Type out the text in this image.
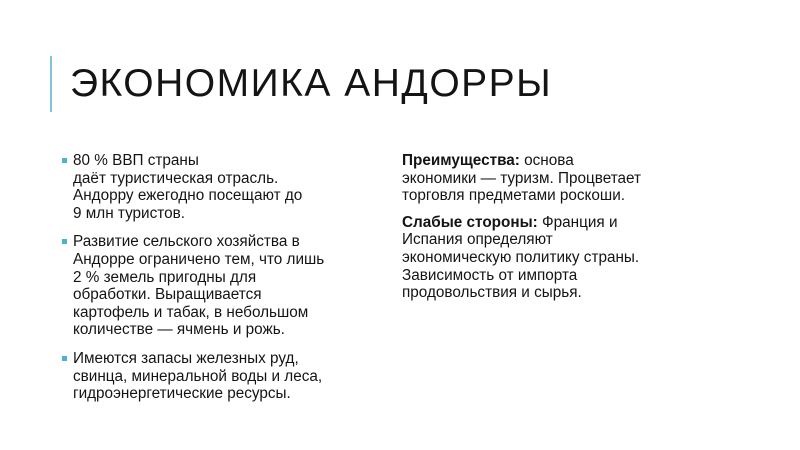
ЭКОНОМИКА АНДОРРЫ
80 % ВВП страны
даёт туристическая отрасль.
Андорру ежегодно посещают до
9 млн туристов.
Развитие сельского хозяйства в
Андорре ограничено тем, что лишь
2 % земель пригодны для
обработки. Выращивается
картофель и табак, в небольшом
количестве — ячмень и рожь.
Имеются запасы железных руд,
свинца, минеральной воды и леса,
гидроэнергетические ресурсы.
Преимущества: основа
экономики — туризм. Процветает
торговля предметами роскоши.
Слабые стороны: Франция и
Испания определяют
экономическую политику страны.
Зависимость от импорта
продовольствия и сырья.
